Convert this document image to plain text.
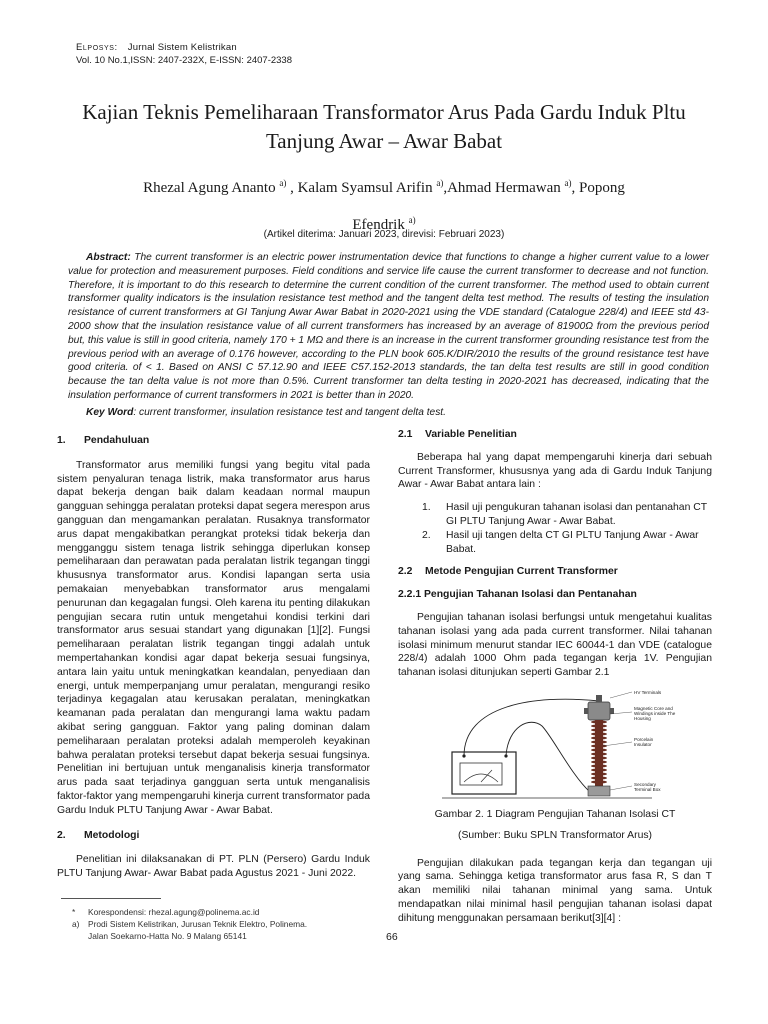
Elposys: Jurnal Sistem Kelistrikan
Vol. 10 No.1,ISSN: 2407-232X, E-ISSN: 2407-2338
Kajian Teknis Pemeliharaan Transformator Arus Pada Gardu Induk Pltu
Tanjung Awar – Awar Babat
Rhezal Agung Ananto $^{a)}$ , Kalam Syamsul Arifin $^{a)}$,Ahmad Hermawan $^{a)}$, Popong
Efendrik $^{a)}$
(Artikel diterima: Januari 2023, direvisi: Februari 2023)

Abstract: The current transformer is an electric power instrumentation device that functions to change a higher current value to a lower value for protection and measurement purposes. Field conditions and service life cause the current transformer to decrease and not function. Therefore, it is important to do this research to determine the current condition of the current transformer. The method used to obtain current transformer quality indicators is the insulation resistance test method and the tangent delta test method. The results of testing the insulation resistance of current transformers at GI Tanjung Awar Awar Babat in 2020-2021 using the VDE standard (Catalogue 228/4) and IEEE std 43-2000 show that the insulation resistance value of all current transformers has increased by an average of 81900Ω from the previous period but, this value is still in good criteria, namely 170 + 1 MΩ and there is an increase in the current transformer grounding resistance test from the previous period with an average of 0.176 however, according to the PLN book 605.K/DIR/2010 the results of the ground resistance test have good criteria. of < 1. Based on ANSI C 57.12.90 and IEEE C57.152-2013 standards, the tan delta test results are still in good condition because the tan delta value is not more than 0.5%. Current transformer tan delta testing in 2020-2021 has decreased, indicating that the insulation performance of current transformers in 2021 is better than in 2020.

Key Word: current transformer, insulation resistance test and tangent delta test.
1. Pendahuluan

Transformator arus memiliki fungsi yang begitu vital pada sistem penyaluran tenaga listrik, maka transformator arus harus dapat bekerja dengan baik dalam keadaan normal maupun gangguan sehingga peralatan proteksi dapat segera merespon arus gangguan dan mengamankan peralatan. Rusaknya transformator arus dapat mengakibatkan perangkat proteksi tidak bekerja dan mengganggu sistem tenaga listrik sehingga diperlukan konsep pemeliharaan dan perawatan pada peralatan listrik tegangan tinggi khususnya transformator arus. Kondisi lapangan serta usia pemakaian menyebabkan transformator arus mengalami penurunan dan kegagalan fungsi. Oleh karena itu penting dilakukan pengujian secara rutin untuk mengetahui kondisi terkini dari transformator arus sesuai standart yang digunakan [1][2]. Fungsi pemeliharaan peralatan listrik tegangan tinggi adalah untuk mempertahankan kondisi agar dapat bekerja sesuai fungsinya, antara lain yaitu untuk meningkatkan keandalan, penyediaan dan energi, untuk memperpanjang umur peralatan, mengurangi resiko terjadinya kegagalan atau kerusakan peralatan, meningkatkan keamanan pada peralatan dan mengurangi lama waktu padam akibat sering gangguan. Faktor yang paling dominan dalam pemeliharaan peralatan proteksi adalah memperoleh keyakinan bahwa peralatan proteksi tersebut dapat bekerja sesuai fungsinya. Penelitian ini bertujuan untuk menganalisis kinerja transformator arus pada saat terjadinya gangguan serta untuk menganalisis faktor-faktor yang mempengaruhi kinerja current transformator pada Gardu Induk PLTU Tanjung Awar - Awar Babat.

2. Metodologi

Penelitian ini dilaksanakan di PT. PLN (Persero) Gardu Induk PLTU Tanjung Awar- Awar Babat pada Agustus 2021 - Juni 2022.

2.1 Variable Penelitian

Beberapa hal yang dapat mempengaruhi kinerja dari sebuah Current Transformer, khususnya yang ada di Gardu Induk Tanjung Awar - Awar Babat antara lain :

1. Hasil uji pengukuran tahanan isolasi dan pentanahan CT GI PLTU Tanjung Awar - Awar Babat.
2. Hasil uji tangen delta CT GI PLTU Tanjung Awar - Awar Babat.
2.2 Metode Pengujian Current Transformer
2.2.1 Pengujian Tahanan Isolasi dan Pentanahan

Pengujian tahanan isolasi berfungsi untuk mengetahui kualitas tahanan isolasi yang ada pada current transformer. Nilai tahanan isolasi minimum menurut standar IEC 60044-1 dan VDE (catalogue 228/4) adalah 1000 Ohm pada tegangan kerja 1V. Pengujian tahanan isolasi ditunjukan seperti Gambar 2.1

HV Terminals
Magnetic Core and
Windings inside The
Housing
Porcelain
Insulator
Secondary
Terminal Box
Gambar 2. 1 Diagram Pengujian Tahanan Isolasi CT
(Sumber: Buku SPLN Transformator Arus)

Pengujian dilakukan pada tegangan kerja dan tegangan uji yang sama. Sehingga ketiga transformator arus fasa R, S dan T akan memiliki nilai tahanan minimal yang sama. Untuk mendapatkan nilai minimal hasil pengujian tahanan isolasi dapat dihitung menggunakan persamaan berikut[3][4] :

* Korespondensi: rhezal.agung@polinema.ac.id
a) Prodi Sistem Kelistrikan, Jurusan Teknik Elektro, Polinema.
Jalan Soekarno-Hatta No. 9 Malang 65141	66
